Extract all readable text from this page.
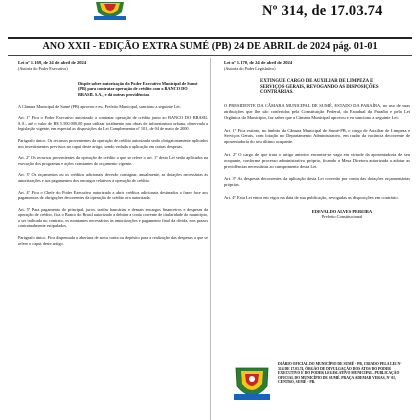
Nº 314, de 17.03.74
ANO XXII - EDIÇÃO EXTRA SUMÉ (PB) 24 DE ABRIL de 2024 pág. 01-01
Lei nº 1.169, de 24 de abril de 2024
(Autoria do Poder Executivo)
Dispõe sobre autorização do Poder Executivo Municipal de Sumé (PB) para contratar operação de crédito com o BANCO DO BRASIL S.A., e dá outras providências

A Câmara Municipal de Sumé (PB) aprovou e eu, Prefeito Municipal, sanciono a seguinte Lei:

Art. 1º Fica o Poder Executivo autorizado a contratar operação de crédito junto ao BANCO DO BRASIL S.A., até o valor de R$ 5.500.000,00 para utilizar totalmente nas obras de infraestrutura urbana, observada a legislação vigente, em especial as disposições da Lei Complementar nº 101, de 04 de maio de 2000.

Parágrafo único. Os recursos provenientes da operação de crédito autorizada serão obrigatoriamente aplicados nos investimentos previstos no caput deste artigo, sendo vedada a aplicação em outras despesas.

Art. 2º Os recursos provenientes da operação de crédito a que se refere o art. 1º desta Lei serão aplicados na execução dos programas e ações constantes do orçamento vigente.

Art. 3º Os orçamentos ou os créditos adicionais deverão consignar, anualmente, as dotações necessárias às amortizações e aos pagamentos dos encargos relativos à operação de crédito.

Art. 4º Fica o Chefe do Poder Executivo autorizado a abrir créditos adicionais destinados a fazer face aos pagamentos de obrigações decorrentes da operação de crédito ora autorizada.

Art. 5º Para pagamento do principal, juros, tarifas bancárias e demais encargos financeiros e despesas da operação de crédito, fica o Banco do Brasil autorizado a debitar a conta corrente de titularidade do município, a ser indicada no contrato, os montantes necessários às amortizações e pagamento final da dívida, nos prazos contratualmente estipulados.

Parágrafo único. Fica dispensada a abertura de nova conta ou depósito para a realização das despesas a que se refere o caput deste artigo.

Lei nº 1.170, de 24 de abril de 2024
(Autoria do Poder Legislativo)
EXTINGUE CARGO DE AUXILIAR DE LIMPEZA E SERVIÇOS GERAIS, REVOGANDO AS DISPOSIÇÕES CONTRÁRIAS.

O PRESIDENTE DA CÂMARA MUNICIPAL DE SUMÉ, ESTADO DA PARAÍBA, no uso de suas atribuições que lhe são conferidas pela Constituição Federal, da Estadual da Paraíba e pela Lei Orgânica do Município, faz saber que a Câmara Municipal aprovou e eu sanciono a seguinte Lei:

Art. 1º Fica extinto, no âmbito da Câmara Municipal de Sumé-PB, o cargo de Auxiliar de Limpeza e Serviços Gerais, com lotação no Departamento Administrativo, em razão da vacância decorrente de aposentadoria do seu último ocupante.

Art. 2º O cargo de que trata o artigo anterior encontra-se vago em virtude da aposentadoria de seu ocupante, conforme processo administrativo próprio, ficando a Mesa Diretora autorizada a adotar as providências necessárias ao cumprimento desta Lei.

Art. 3º As despesas decorrentes da aplicação desta Lei correrão por conta das dotações orçamentárias próprias.

Art. 4º Esta Lei entra em vigor na data de sua publicação, revogadas as disposições em contrário.

EDEVALDO ALVES PEREIRA
Prefeito Constitucional
DIÁRIO OFICIAL DO MUNICÍPIO DE SUMÉ - PB, CRIADO PELA LEI Nº 314 DE 17.03.74, ÓRGÃO DE DIVULGAÇÃO DOS ATOS DO PODER EXECUTIVO E DO PODER LEGISLATIVO MUNICIPAL. PUBLICAÇÃO OFICIAL DO MUNICÍPIO DE SUMÉ. PRAÇA ADEMAR VERAS, Nº 01, CENTRO, SUMÉ - PB.
